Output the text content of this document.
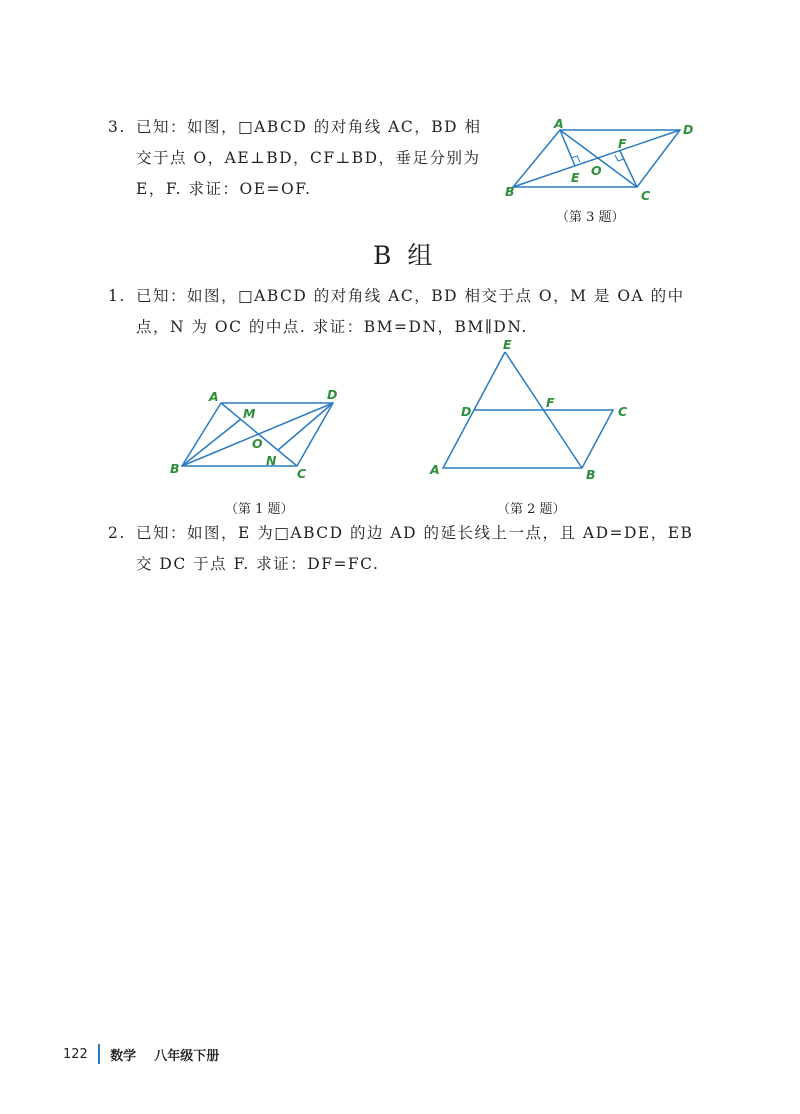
3. 已知：如图，□ABCD 的对角线 AC，BD 相
交于点 O，AE⊥BD，CF⊥BD，垂足分别为
E，F. 求证：OE=OF.
A	D
B	C
F
O
E
（第 3 题）
B 组
1. 已知：如图，□ABCD 的对角线 AC，BD 相交于点 O，M 是 OA 的中
点，N 为 OC 的中点. 求证：BM=DN，BM∥DN.
A	D
B	C
M
O
N
（第 1 题）
E
D
F
C
A	B
（第 2 题）
2. 已知：如图，E 为□ABCD 的边 AD 的延长线上一点，且 AD=DE，EB
交 DC 于点 F. 求证：DF=FC.
122 数学 八年级下册
